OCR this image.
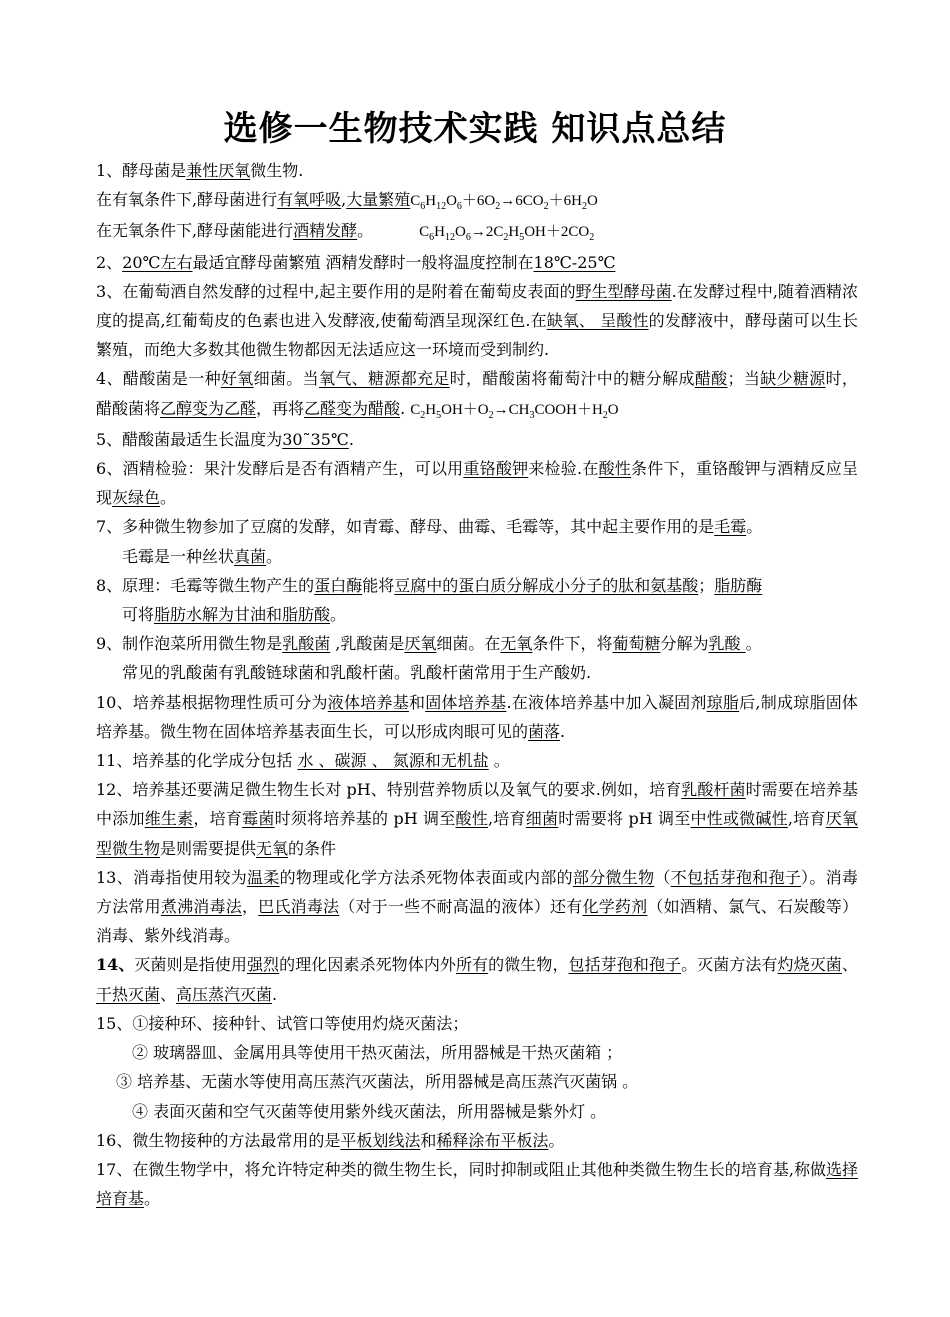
选修一生物技术实践 知识点总结

1、酵母菌是兼性厌氧微生物.

在有氧条件下,酵母菌进行有氧呼吸,大量繁殖$C_6H_{12}O_6+6O_2\to 6CO_2+6H_2O$

在无氧条件下,酵母菌能进行酒精发酵。	$C_6H_{12}O_6\to 2C_2H_5OH+2CO_2$

2、20℃左右最适宜酵母菌繁殖 酒精发酵时一般将温度控制在18℃-25℃

3、在葡萄酒自然发酵的过程中,起主要作用的是附着在葡萄皮表面的野生型酵母菌.在发酵过程中,随着酒精浓度的提高,红葡萄皮的色素也进入发酵液,使葡萄酒呈现深红色.在缺氧、 呈酸性的发酵液中，酵母菌可以生长繁殖，而绝大多数其他微生物都因无法适应这一环境而受到制约.

4、醋酸菌是一种好氧细菌。当氧气、糖源都充足时，醋酸菌将葡萄汁中的糖分解成醋酸；当缺少糖源时，醋酸菌将乙醇变为乙醛，再将乙醛变为醋酸. $C_2H_5OH+O_2\to CH_3COOH+H_2O$

5、醋酸菌最适生长温度为30˜35℃.

6、酒精检验：果汁发酵后是否有酒精产生，可以用重铬酸钾来检验.在酸性条件下，重铬酸钾与酒精反应呈现灰绿色。

7、多种微生物参加了豆腐的发酵，如青霉、酵母、曲霉、毛霉等，其中起主要作用的是毛霉。

毛霉是一种丝状真菌。

8、原理：毛霉等微生物产生的蛋白酶能将豆腐中的蛋白质分解成小分子的肽和氨基酸；脂肪酶

可将脂肪水解为甘油和脂肪酸。

9、制作泡菜所用微生物是乳酸菌 ,乳酸菌是厌氧细菌。在无氧条件下，将葡萄糖分解为乳酸 。

常见的乳酸菌有乳酸链球菌和乳酸杆菌。乳酸杆菌常用于生产酸奶.

10、培养基根据物理性质可分为液体培养基和固体培养基.在液体培养基中加入凝固剂琼脂后,制成琼脂固体培养基。微生物在固体培养基表面生长，可以形成肉眼可见的菌落.

11、培养基的化学成分包括 水 、碳源 、 氮源和无机盐 。

12、培养基还要满足微生物生长对 pH、特别营养物质以及氧气的要求.例如，培育乳酸杆菌时需要在培养基中添加维生素，培育霉菌时须将培养基的 pH 调至酸性,培育细菌时需要将 pH 调至中性或微碱性,培育厌氧型微生物是则需要提供无氧的条件

13、消毒指使用较为温柔的物理或化学方法杀死物体表面或内部的部分微生物（不包括芽孢和孢子）。消毒方法常用煮沸消毒法，巴氏消毒法（对于一些不耐高温的液体）还有化学药剂（如酒精、氯气、石炭酸等）消毒、紫外线消毒。

14、灭菌则是指使用强烈的理化因素杀死物体内外所有的微生物，包括芽孢和孢子。灭菌方法有灼烧灭菌、干热灭菌、高压蒸汽灭菌.

15、①接种环、接种针、试管口等使用灼烧灭菌法；

② 玻璃器皿、金属用具等使用干热灭菌法，所用器械是干热灭菌箱 ；

③ 培养基、无菌水等使用高压蒸汽灭菌法，所用器械是高压蒸汽灭菌锅 。

④ 表面灭菌和空气灭菌等使用紫外线灭菌法，所用器械是紫外灯 。

16、微生物接种的方法最常用的是平板划线法和稀释涂布平板法。

17、在微生物学中，将允许特定种类的微生物生长，同时抑制或阻止其他种类微生物生长的培育基,称做选择培育基。
